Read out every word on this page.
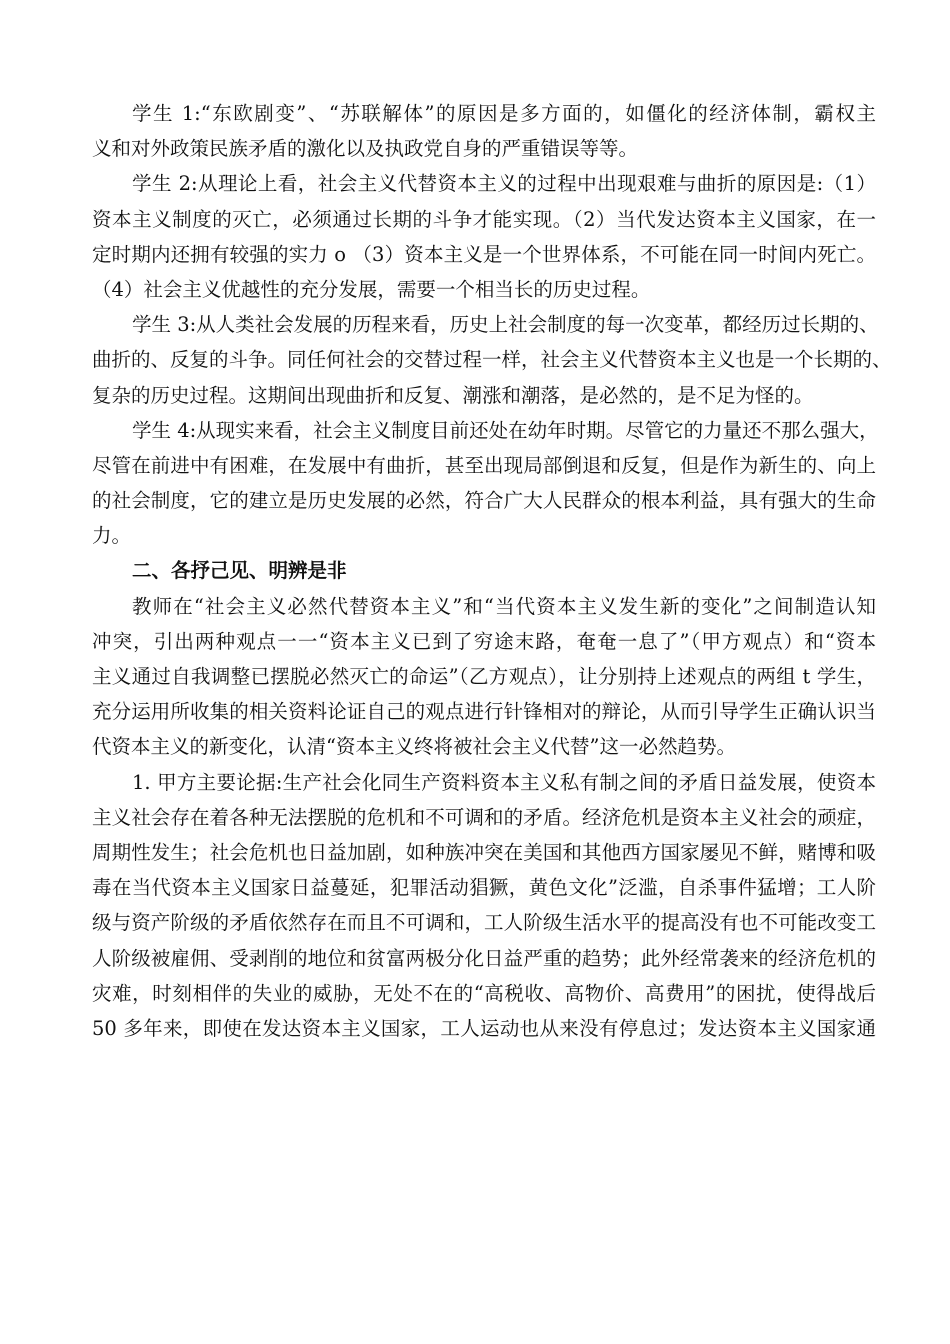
学生 1:“东欧剧变”、“苏联解体”的原因是多方面的，如僵化的经济体制，霸权主
义和对外政策民族矛盾的激化以及执政党自身的严重错误等等。
学生 2:从理论上看，社会主义代替资本主义的过程中出现艰难与曲折的原因是:（1）
资本主义制度的灭亡，必须通过长期的斗争才能实现。（2）当代发达资本主义国家，在一
定时期内还拥有较强的实力 o （3）资本主义是一个世界体系，不可能在同一时间内死亡。
（4）社会主义优越性的充分发展，需要一个相当长的历史过程。
学生 3:从人类社会发展的历程来看，历史上社会制度的每一次变革，都经历过长期的、
曲折的、反复的斗争。同任何社会的交替过程一样，社会主义代替资本主义也是一个长期的、
复杂的历史过程。这期间出现曲折和反复、潮涨和潮落，是必然的，是不足为怪的。
学生 4:从现实来看，社会主义制度目前还处在幼年时期。尽管它的力量还不那么强大，
尽管在前进中有困难，在发展中有曲折，甚至出现局部倒退和反复，但是作为新生的、向上
的社会制度，它的建立是历史发展的必然，符合广大人民群众的根本利益，具有强大的生命
力。
二、各抒己见、明辨是非
教师在“社会主义必然代替资本主义”和“当代资本主义发生新的变化”之间制造认知
冲突，引出两种观点一一“资本主义已到了穷途末路，奄奄一息了”（甲方观点）和“资本
主义通过自我调整已摆脱必然灭亡的命运”（乙方观点），让分别持上述观点的两组 t 学生，
充分运用所收集的相关资料论证自己的观点进行针锋相对的辩论，从而引导学生正确认识当
代资本主义的新变化，认清“资本主义终将被社会主义代替”这一必然趋势。
1. 甲方主要论据:生产社会化同生产资料资本主义私有制之间的矛盾日益发展，使资本
主义社会存在着各种无法摆脱的危机和不可调和的矛盾。经济危机是资本主义社会的顽症，
周期性发生；社会危机也日益加剧，如种族冲突在美国和其他西方国家屡见不鲜，赌博和吸
毒在当代资本主义国家日益蔓延，犯罪活动猖獗，黄色文化”泛滥，自杀事件猛增；工人阶
级与资产阶级的矛盾依然存在而且不可调和，工人阶级生活水平的提高没有也不可能改变工
人阶级被雇佣、受剥削的地位和贫富两极分化日益严重的趋势；此外经常袭来的经济危机的
灾难，时刻相伴的失业的威胁，无处不在的“高税收、高物价、高费用”的困扰，使得战后
50 多年来，即使在发达资本主义国家，工人运动也从来没有停息过；发达资本主义国家通
